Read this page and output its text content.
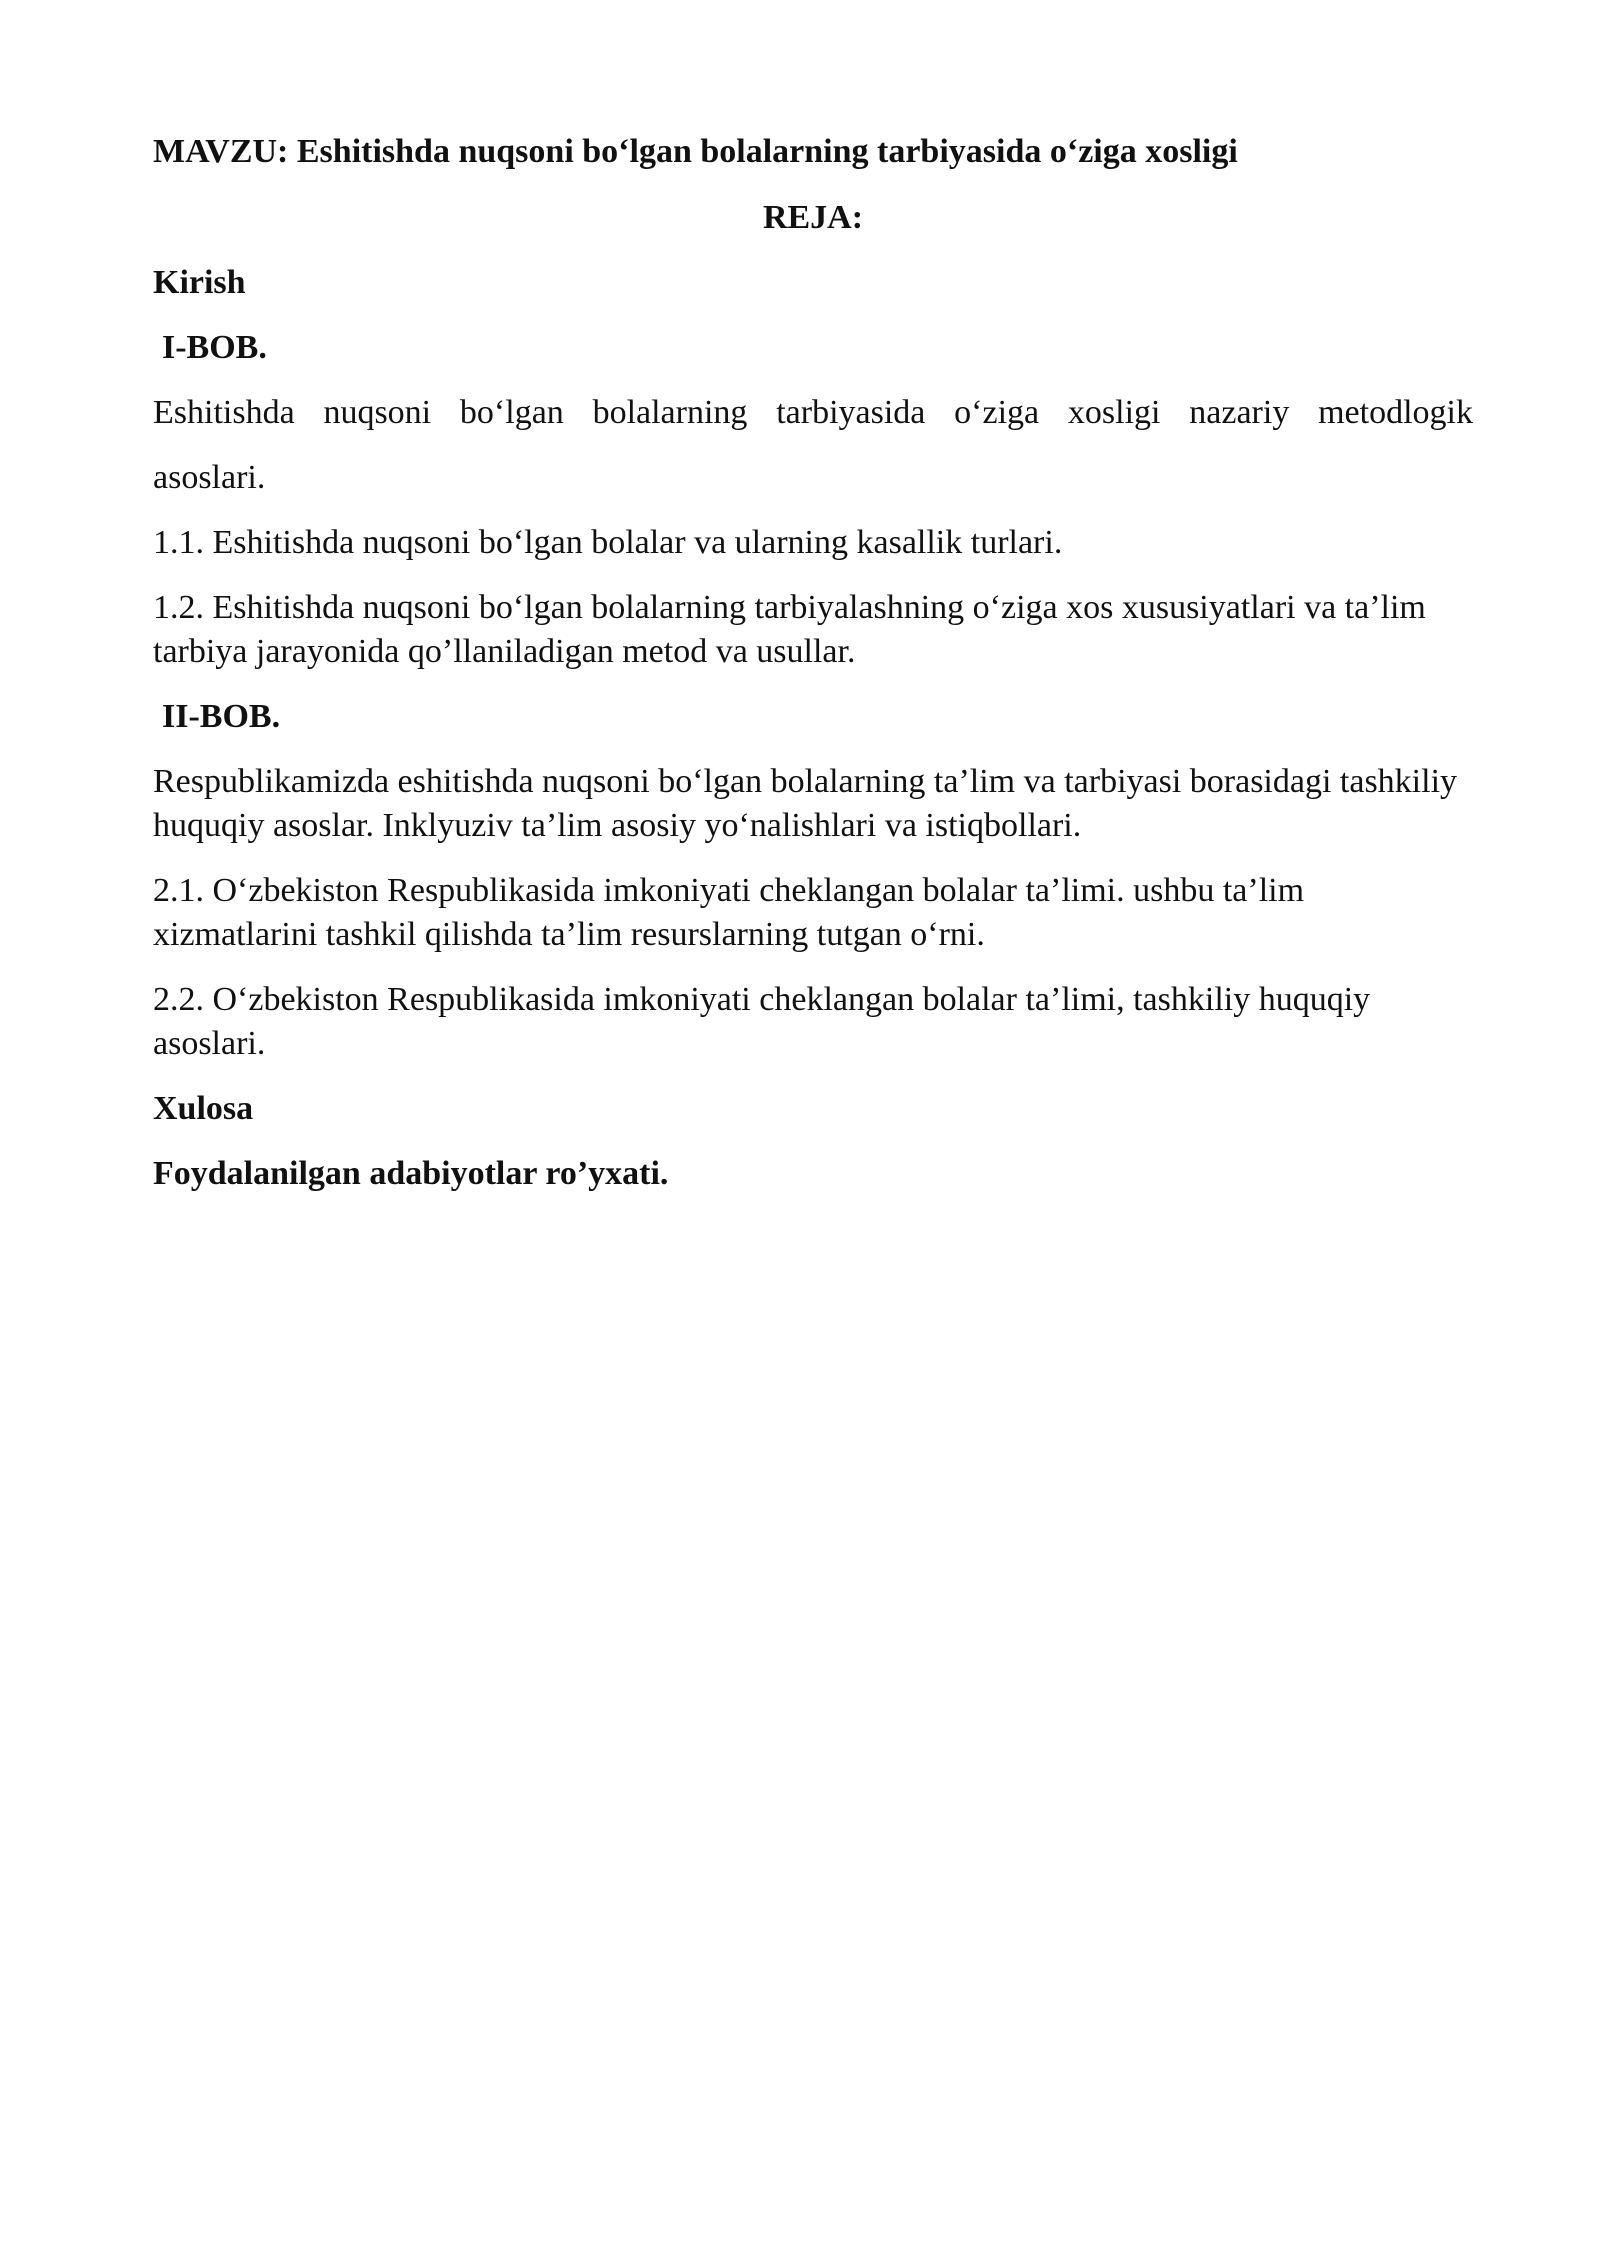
MAVZU: Eshitishda nuqsoni bo‘lgan bolalarning tarbiyasida o‘ziga xosligi

REJA:

Kirish

I-BOB.

Eshitishda nuqsoni bo‘lgan bolalarning tarbiyasida o‘ziga xosligi nazariy metodlogik

asoslari.

1.1. Eshitishda nuqsoni bo‘lgan bolalar va ularning kasallik turlari.

1.2. Eshitishda nuqsoni bo‘lgan bolalarning tarbiyalashning o‘ziga xos xususiyatlari va ta’lim tarbiya jarayonida qo’llaniladigan metod va usullar.

II-BOB.

Respublikamizda eshitishda nuqsoni bo‘lgan bolalarning ta’lim va tarbiyasi borasidagi tashkiliy huquqiy asoslar. Inklyuziv ta’lim asosiy yo‘nalishlari va istiqbollari.

2.1. O‘zbekiston Respublikasida imkoniyati cheklangan bolalar ta’limi. ushbu ta’lim xizmatlarini tashkil qilishda ta’lim resurslarning tutgan o‘rni.

2.2. O‘zbekiston Respublikasida imkoniyati cheklangan bolalar ta’limi, tashkiliy huquqiy asoslari.

Xulosa

Foydalanilgan adabiyotlar ro’yxati.
